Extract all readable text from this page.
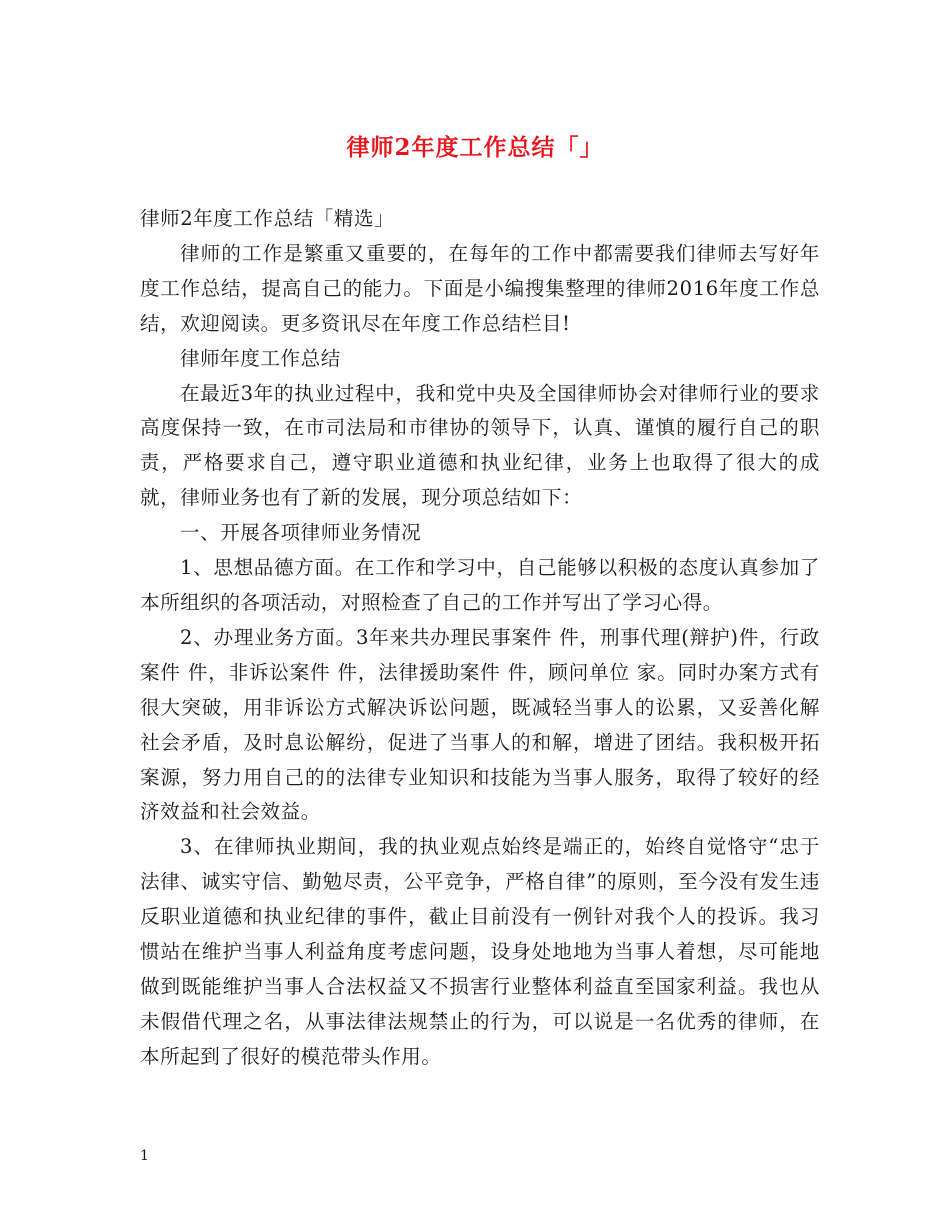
律师2年度工作总结「」

律师2年度工作总结「精选」

律师的工作是繁重又重要的，在每年的工作中都需要我们律师去写好年度工作总结，提高自己的能力。下面是小编搜集整理的律师2016年度工作总结，欢迎阅读。更多资讯尽在年度工作总结栏目!

律师年度工作总结

在最近3年的执业过程中，我和党中央及全国律师协会对律师行业的要求高度保持一致，在市司法局和市律协的领导下，认真、谨慎的履行自己的职责，严格要求自己，遵守职业道德和执业纪律，业务上也取得了很大的成就，律师业务也有了新的发展，现分项总结如下：

一、开展各项律师业务情况

1、思想品德方面。在工作和学习中，自己能够以积极的态度认真参加了本所组织的各项活动，对照检查了自己的工作并写出了学习心得。

2、办理业务方面。3年来共办理民事案件 件，刑事代理(辩护)件，行政案件 件，非诉讼案件 件，法律援助案件 件，顾问单位 家。同时办案方式有很大突破，用非诉讼方式解决诉讼问题，既减轻当事人的讼累，又妥善化解社会矛盾，及时息讼解纷，促进了当事人的和解，增进了团结。我积极开拓案源，努力用自己的的法律专业知识和技能为当事人服务，取得了较好的经济效益和社会效益。

3、在律师执业期间，我的执业观点始终是端正的，始终自觉恪守“忠于法律、诚实守信、勤勉尽责，公平竞争，严格自律”的原则，至今没有发生违反职业道德和执业纪律的事件，截止目前没有一例针对我个人的投诉。我习惯站在维护当事人利益角度考虑问题，设身处地地为当事人着想，尽可能地做到既能维护当事人合法权益又不损害行业整体利益直至国家利益。我也从未假借代理之名，从事法律法规禁止的行为，可以说是一名优秀的律师，在本所起到了很好的模范带头作用。

1
